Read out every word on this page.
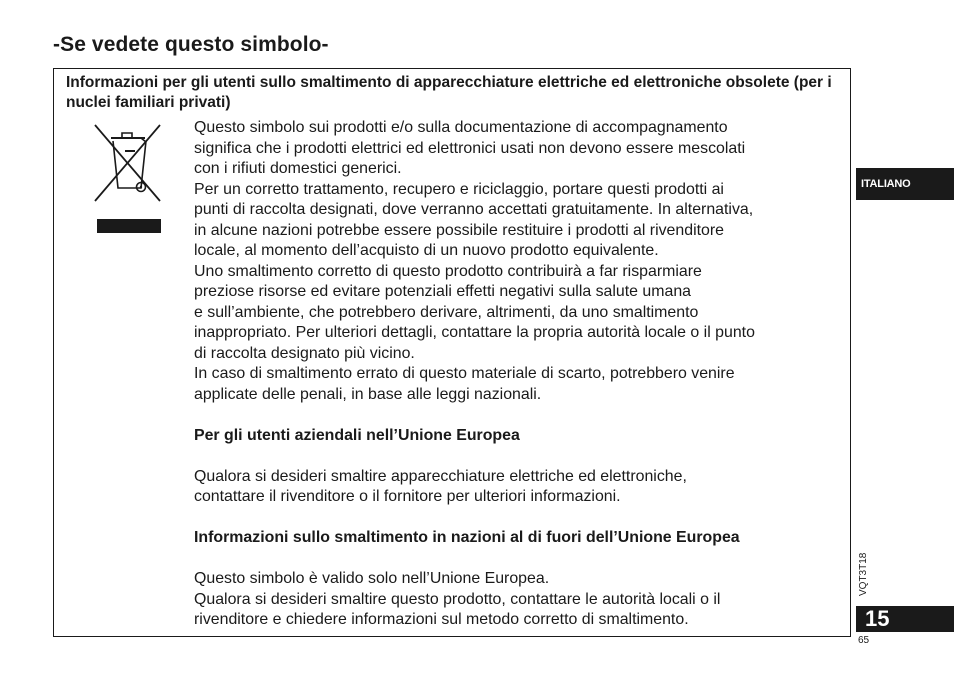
-Se vedete questo simbolo-

Informazioni per gli utenti sullo smaltimento di apparecchiature elettriche ed elettroniche obsolete (per i nuclei familiari privati)

Questo simbolo sui prodotti e/o sulla documentazione di accompagnamento
significa che i prodotti elettrici ed elettronici usati non devono essere mescolati
con i rifiuti domestici generici.

Per un corretto trattamento, recupero e riciclaggio, portare questi prodotti ai
punti di raccolta designati, dove verranno accettati gratuitamente. In alternativa,
in alcune nazioni potrebbe essere possibile restituire i prodotti al rivenditore
locale, al momento dell’acquisto di un nuovo prodotto equivalente.

Uno smaltimento corretto di questo prodotto contribuirà a far risparmiare
preziose risorse ed evitare potenziali effetti negativi sulla salute umana
e sull’ambiente, che potrebbero derivare, altrimenti, da uno smaltimento
inappropriato. Per ulteriori dettagli, contattare la propria autorità locale o il punto
di raccolta designato più vicino.

In caso di smaltimento errato di questo materiale di scarto, potrebbero venire
applicate delle penali, in base alle leggi nazionali.

Per gli utenti aziendali nell’Unione Europea

Qualora si desideri smaltire apparecchiature elettriche ed elettroniche,
contattare il rivenditore o il fornitore per ulteriori informazioni.

Informazioni sullo smaltimento in nazioni al di fuori dell’Unione Europea

Questo simbolo è valido solo nell’Unione Europea.

Qualora si desideri smaltire questo prodotto, contattare le autorità locali o il
rivenditore e chiedere informazioni sul metodo corretto di smaltimento.

ITALIANO
VQT3T18
15
65
